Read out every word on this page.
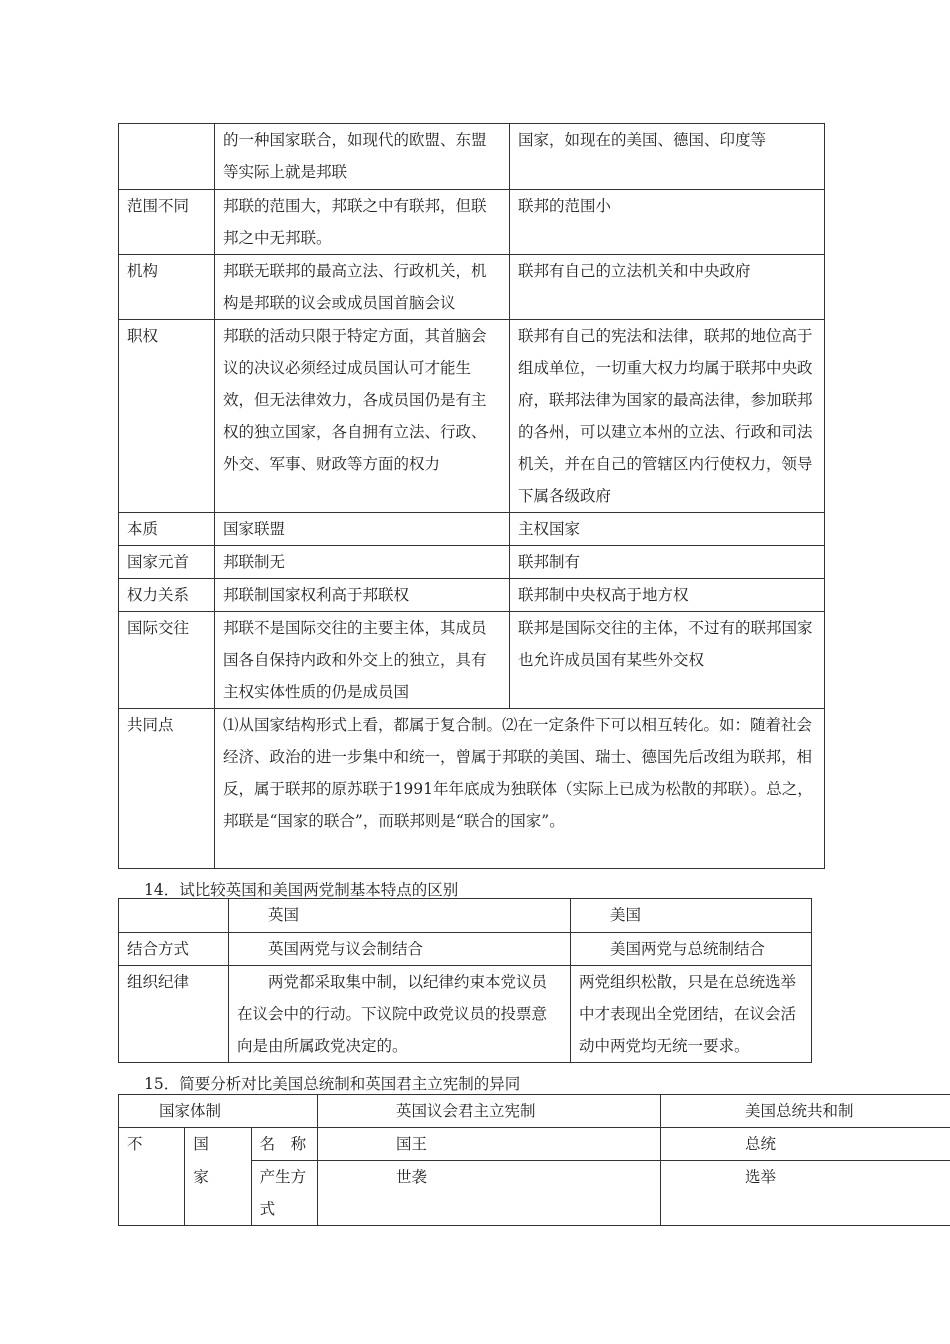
	的一种国家联合，如现代的欧盟、东盟等实际上就是邦联	国家，如现在的美国、德国、印度等
范围不同	邦联的范围大，邦联之中有联邦，但联邦之中无邦联。	联邦的范围小
机构	邦联无联邦的最高立法、行政机关，机构是邦联的议会或成员国首脑会议	联邦有自己的立法机关和中央政府
职权	邦联的活动只限于特定方面，其首脑会议的决议必须经过成员国认可才能生效，但无法律效力，各成员国仍是有主权的独立国家，各自拥有立法、行政、外交、军事、财政等方面的权力	联邦有自己的宪法和法律，联邦的地位高于组成单位，一切重大权力均属于联邦中央政府，联邦法律为国家的最高法律，参加联邦的各州，可以建立本州的立法、行政和司法机关，并在自己的管辖区内行使权力，领导下属各级政府
本质	国家联盟	主权国家
国家元首	邦联制无	联邦制有
权力关系	邦联制国家权利高于邦联权	联邦制中央权高于地方权
国际交往	邦联不是国际交往的主要主体，其成员国各自保持内政和外交上的独立，具有主权实体性质的仍是成员国	联邦是国际交往的主体，不过有的联邦国家也允许成员国有某些外交权
共同点	⑴从国家结构形式上看，都属于复合制。⑵在一定条件下可以相互转化。如：随着社会经济、政治的进一步集中和统一，曾属于邦联的美国、瑞士、德国先后改组为联邦，相反，属于联邦的原苏联于1991年年底成为独联体（实际上已成为松散的邦联）。总之，邦联是“国家的联合”，而联邦则是“联合的国家”。	
14．试比较英国和美国两党制基本特点的区别
	英国	美国
结合方式	英国两党与议会制结合	美国两党与总统制结合
组织纪律	两党都采取集中制，以纪律约束本党议员在议会中的行动。下议院中政党议员的投票意向是由所属政党决定的。	两党组织松散，只是在总统选举中才表现出全党团结，在议会活动中两党均无统一要求。
15．简要分析对比美国总统制和英国君主立宪制的异同
国家体制			英国议会君主立宪制	美国总统共和制
不	国	名　称	国王	总统
	家	产生方式	世袭	选举
